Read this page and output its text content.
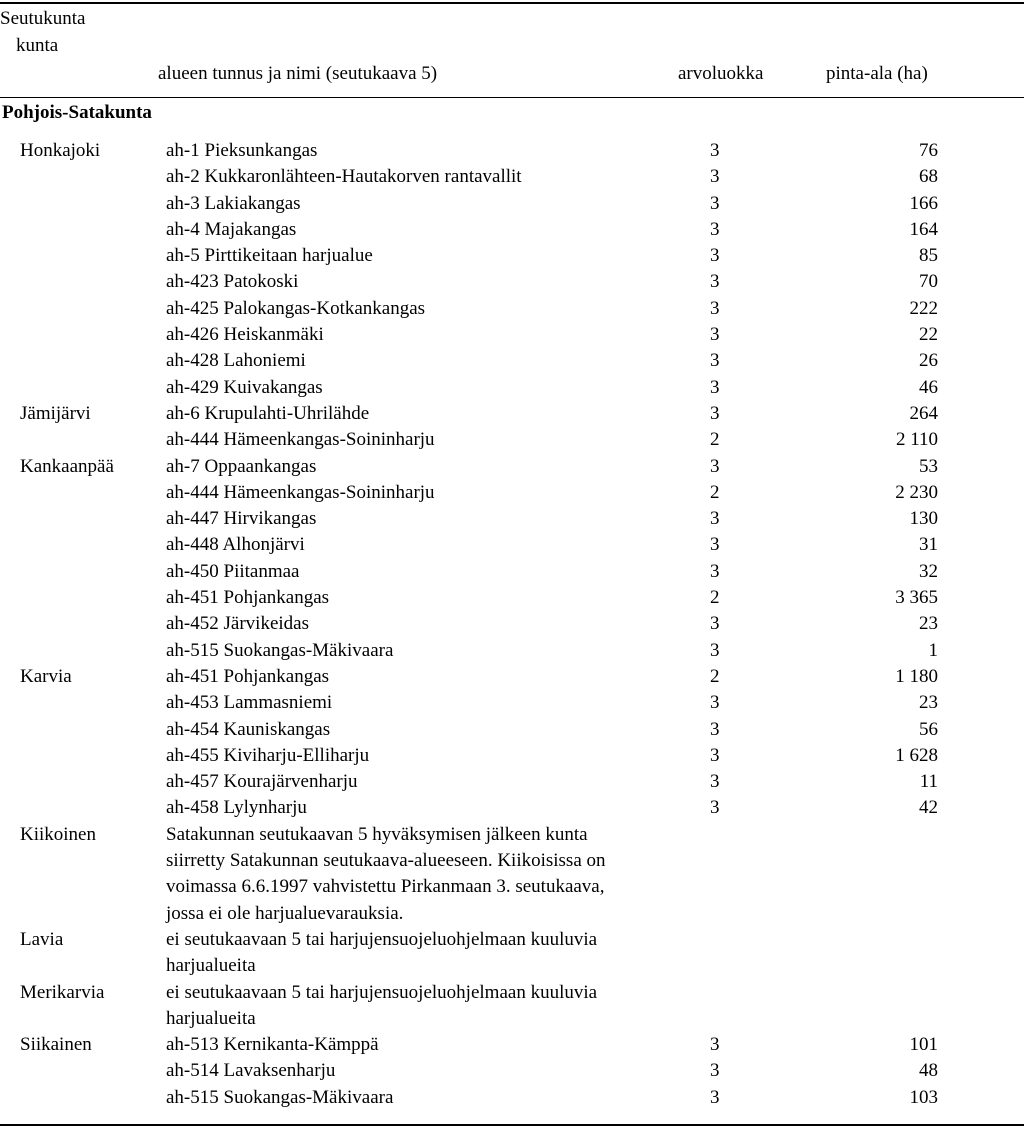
Seutukunta
kunta
alueen tunnus ja nimi (seutukaava 5)	arvoluokka	pinta-ala (ha)
Pohjois-Satakunta
Honkajoki	ah-1 Pieksunkangas	3	76
ah-2 Kukkaronlähteen-Hautakorven rantavallit	3	68
ah-3 Lakiakangas	3	166
ah-4 Majakangas	3	164
ah-5 Pirttikeitaan harjualue	3	85
ah-423 Patokoski	3	70
ah-425 Palokangas-Kotkankangas	3	222
ah-426 Heiskanmäki	3	22
ah-428 Lahoniemi	3	26
ah-429 Kuivakangas	3	46
Jämijärvi	ah-6 Krupulahti-Uhrilähde	3	264
ah-444 Hämeenkangas-Soininharju	2	2 110
Kankaanpää	ah-7 Oppaankangas	3	53
ah-444 Hämeenkangas-Soininharju	2	2 230
ah-447 Hirvikangas	3	130
ah-448 Alhonjärvi	3	31
ah-450 Piitanmaa	3	32
ah-451 Pohjankangas	2	3 365
ah-452 Järvikeidas	3	23
ah-515 Suokangas-Mäkivaara	3	1
Karvia	ah-451 Pohjankangas	2	1 180
ah-453 Lammasniemi	3	23
ah-454 Kauniskangas	3	56
ah-455 Kiviharju-Elliharju	3	1 628
ah-457 Kourajärvenharju	3	11
ah-458 Lylynharju	3	42
Kiikoinen	Satakunnan seutukaavan 5 hyväksymisen jälkeen kunta
siirretty Satakunnan seutukaava-alueeseen. Kiikoisissa on
voimassa 6.6.1997 vahvistettu Pirkanmaan 3. seutukaava,
jossa ei ole harjualuevarauksia.
Lavia	ei seutukaavaan 5 tai harjujensuojeluohjelmaan kuuluvia
harjualueita
Merikarvia	ei seutukaavaan 5 tai harjujensuojeluohjelmaan kuuluvia
harjualueita
Siikainen	ah-513 Kernikanta-Kämppä	3	101
ah-514 Lavaksenharju	3	48
ah-515 Suokangas-Mäkivaara	3	103
